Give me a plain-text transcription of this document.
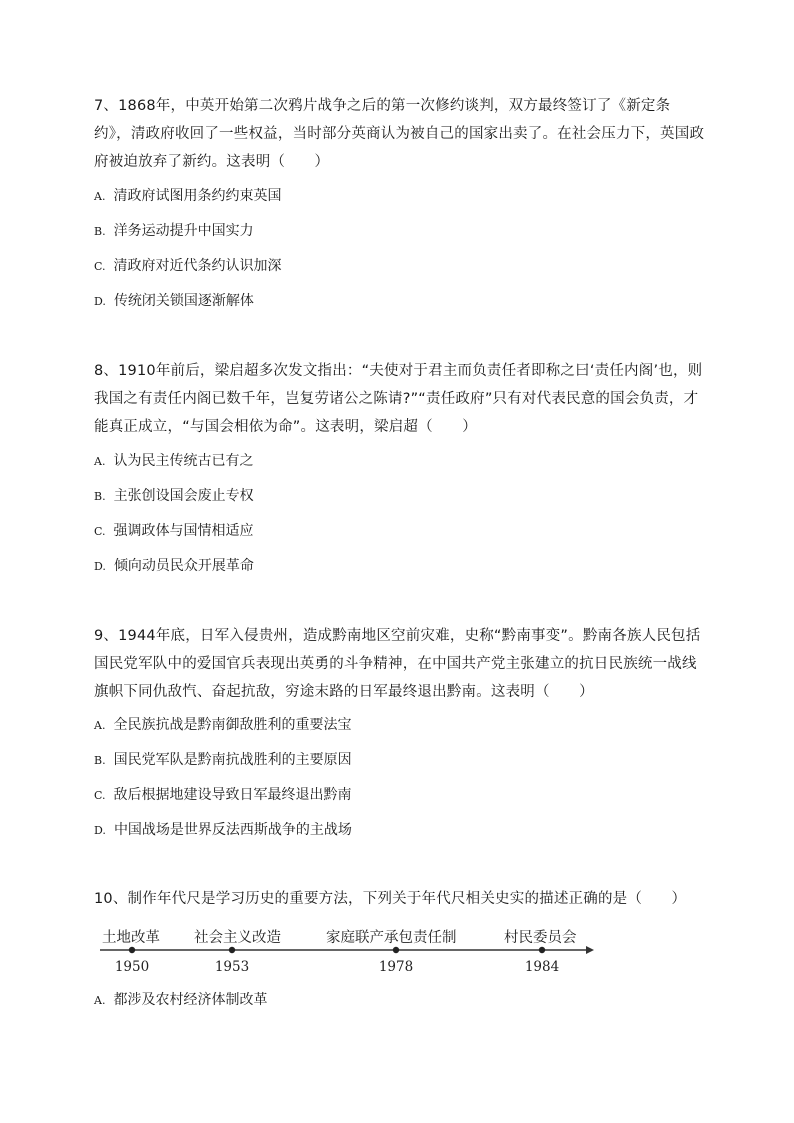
7、1868年，中英开始第二次鸦片战争之后的第一次修约谈判，双方最终签订了《新定条约》，清政府收回了一些权益，当时部分英商认为被自己的国家出卖了。在社会压力下，英国政府被迫放弃了新约。这表明（　　）

A. 清政府试图用条约约束英国
B. 洋务运动提升中国实力
C. 清政府对近代条约认识加深
D. 传统闭关锁国逐渐解体

8、1910年前后，梁启超多次发文指出：“夫使对于君主而负责任者即称之曰‘责任内阁’也，则我国之有责任内阁已数千年，岂复劳诸公之陈请?”“责任政府”只有对代表民意的国会负责，才能真正成立，“与国会相依为命”。这表明，梁启超（　　）

A. 认为民主传统古已有之
B. 主张创设国会废止专权
C. 强调政体与国情相适应
D. 倾向动员民众开展革命

9、1944年底，日军入侵贵州，造成黔南地区空前灾难，史称“黔南事变”。黔南各族人民包括国民党军队中的爱国官兵表现出英勇的斗争精神，在中国共产党主张建立的抗日民族统一战线旗帜下同仇敌忾、奋起抗敌，穷途末路的日军最终退出黔南。这表明（　　）

A. 全民族抗战是黔南御敌胜利的重要法宝
B. 国民党军队是黔南抗战胜利的主要原因
C. 敌后根据地建设导致日军最终退出黔南
D. 中国战场是世界反法西斯战争的主战场

10、制作年代尺是学习历史的重要方法，下列关于年代尺相关史实的描述正确的是（　　）

土地改革
1950
社会主义改造
1953
家庭联产承包责任制
1978
村民委员会
1984
A. 都涉及农村经济体制改革
